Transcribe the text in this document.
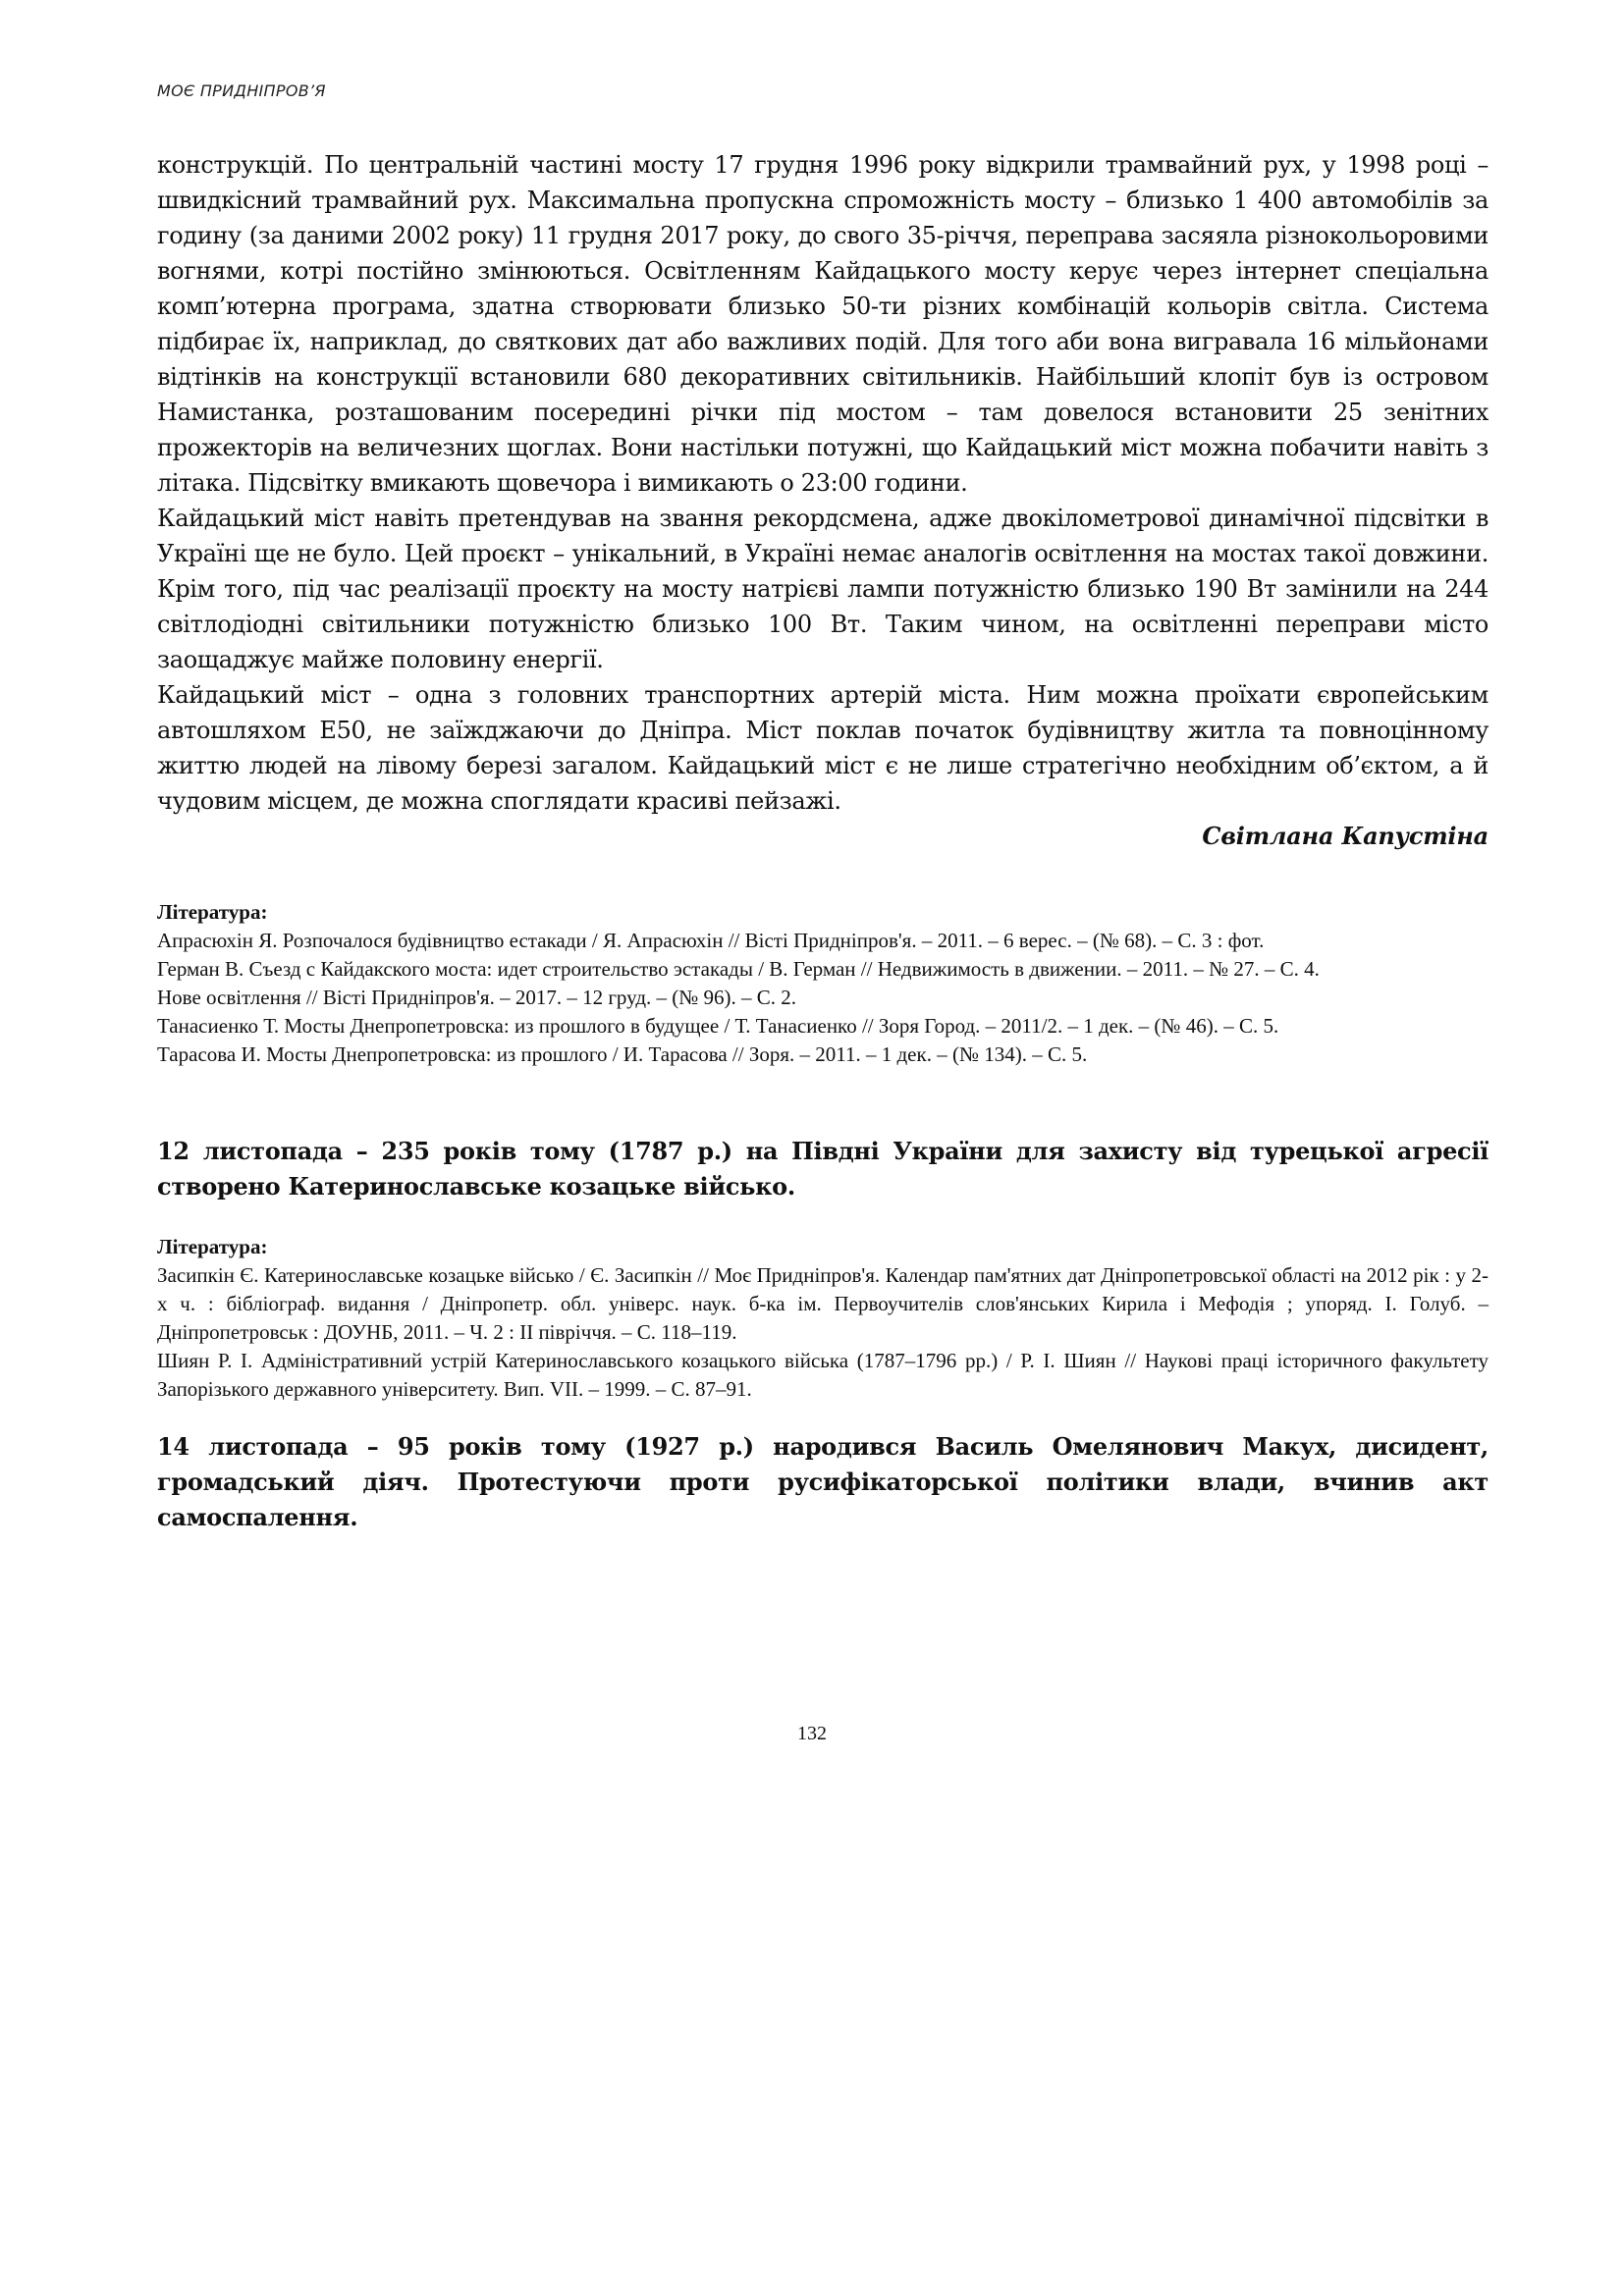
МОЄ ПРИДНІПРОВ’Я

конструкцій. По центральній частині мосту 17 грудня 1996 року відкрили трамвайний рух, у 1998 році – швидкісний трамвайний рух. Максимальна пропускна спроможність мосту – близько 1 400 автомобілів за годину (за даними 2002 року) 11 грудня 2017 року, до свого 35-річчя, переправа засяяла різнокольоровими вогнями, котрі постійно змінюються. Освітленням Кайдацького мосту керує через інтернет спеціальна комп’ютерна програма, здатна створювати близько 50-ти різних комбінацій кольорів світла. Система підбирає їх, наприклад, до святкових дат або важливих подій. Для того аби вона вигравала 16 мільйонами відтінків на конструкції встановили 680 декоративних світильників. Найбільший клопіт був із островом Намистанка, розташованим посередині річки під мостом – там довелося встановити 25 зенітних прожекторів на величезних щоглах. Вони настільки потужні, що Кайдацький міст можна побачити навіть з літака. Підсвітку вмикають щовечора і вимикають о 23:00 години.

Кайдацький міст навіть претендував на звання рекордсмена, адже двокілометрової динамічної підсвітки в Україні ще не було. Цей проєкт – унікальний, в Україні немає аналогів освітлення на мостах такої довжини. Крім того, під час реалізації проєкту на мосту натрієві лампи потужністю близько 190 Вт замінили на 244 світлодіодні світильники потужністю близько 100 Вт. Таким чином, на освітленні переправи місто заощаджує майже половину енергії.

Кайдацький міст – одна з головних транспортних артерій міста. Ним можна проїхати європейським автошляхом Е50, не заїжджаючи до Дніпра. Міст поклав початок будівництву житла та повноцінному життю людей на лівому березі загалом. Кайдацький міст є не лише стратегічно необхідним об’єктом, а й чудовим місцем, де можна споглядати красиві пейзажі.

Світлана Капустіна

Література:

Апрасюхін Я. Розпочалося будівництво естакади / Я. Апрасюхін // Вісті Придніпров'я. – 2011. – 6 верес. – (№ 68). – С. 3 : фот.

Герман В. Съезд с Кайдакского моста: идет строительство эстакады / В. Герман // Недвижимость в движении. – 2011. – № 27. – С. 4.

Нове освітлення // Вісті Придніпров'я. – 2017. – 12 груд. – (№ 96). – С. 2.

Танасиенко Т. Мосты Днепропетровска: из прошлого в будущее / Т. Танасиенко // Зоря Город. – 2011/2. – 1 дек. – (№ 46). – С. 5.

Тарасова И. Мосты Днепропетровска: из прошлого / И. Тарасова // Зоря. – 2011. – 1 дек. – (№ 134). – С. 5.

12 листопада – 235 років тому (1787 р.) на Півдні України для захисту від турецької агресії створено Катеринославське козацьке військо.

Література:

Засипкін Є. Катеринославське козацьке військо / Є. Засипкін // Моє Придніпров'я. Календар пам'ятних дат Дніпропетровської області на 2012 рік : у 2-х ч. : бібліограф. видання / Дніпропетр. обл. універс. наук. б-ка ім. Первоучителів слов'янських Кирила і Мефодія ; упоряд. І. Голуб. – Дніпропетровськ : ДОУНБ, 2011. – Ч. 2 : ІІ півріччя. – С. 118–119.

Шиян Р. І. Адміністративний устрій Катеринославського козацького війська (1787–1796 рр.) / Р. І. Шиян // Наукові праці історичного факультету Запорізького державного університету. Вип. VII. – 1999. – С. 87–91.

14 листопада – 95 років тому (1927 р.) народився Василь Омелянович Макух, дисидент, громадський діяч. Протестуючи проти русифікаторської політики влади, вчинив акт самоспалення.

132
